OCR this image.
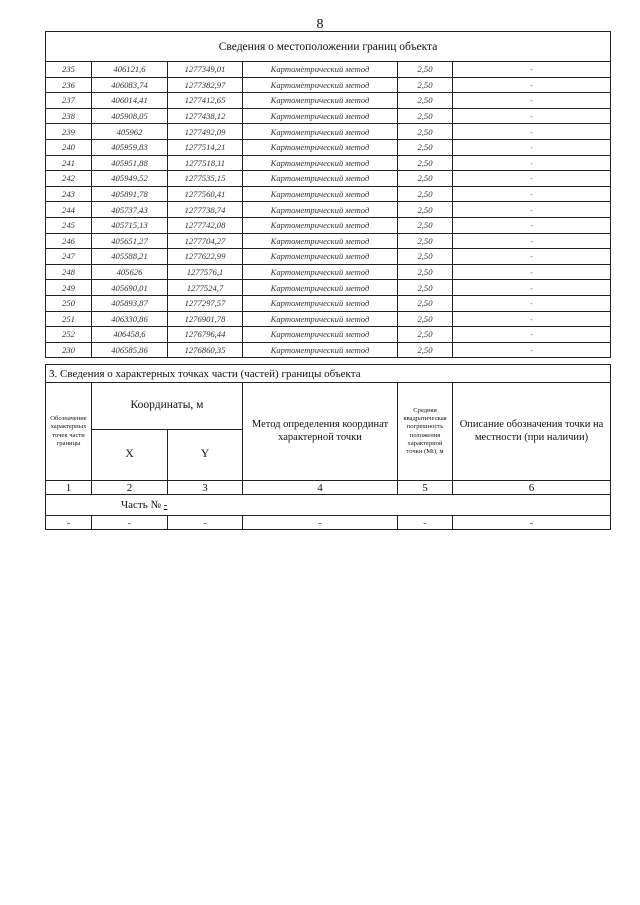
8
Сведения о местоположении границ объекта					
235	406121,6	1277349,01	Картометрический метод	2,50	-
236	406083,74	1277382,97	Картометрический метод	2,50	-
237	406014,41	1277412,65	Картометрический метод	2,50	-
238	405908,05	1277438,12	Картометрический метод	2,50	-
239	405962	1277492,09	Картометрический метод	2,50	-
240	405959,83	1277514,21	Картометрический метод	2,50	-
241	405951,88	1277518,11	Картометрический метод	2,50	-
242	405949,52	1277535,15	Картометрический метод	2,50	-
243	405891,78	1277560,41	Картометрический метод	2,50	-
244	405737,43	1277738,74	Картометрический метод	2,50	-
245	405715,13	1277742,08	Картометрический метод	2,50	-
246	405651,27	1277704,27	Картометрический метод	2,50	-
247	405588,21	1277622,99	Картометрический метод	2,50	-
248	405626	1277576,1	Картометрический метод	2,50	-
249	405690,01	1277524,7	Картометрический метод	2,50	-
250	405893,87	1277297,57	Картометрический метод	2,50	-
251	406330,86	1276901,78	Картометрический метод	2,50	-
252	406458,6	1276796,44	Картометрический метод	2,50	-
230	406585,86	1276860,35	Картометрический метод	2,50	-
3. Сведения о характерных точках части (частей) границы объекта					
Обозначение характерных точек части границы	Координаты, м		Метод определения координат характерной точки	Средняя квадратическая погрешность положения характерной точки (Mt), м	Описание обозначения точки на местности (при наличии)
	X	Y			
1	2	3	4	5	6
Часть № -					
-	-	-	-	-	-
